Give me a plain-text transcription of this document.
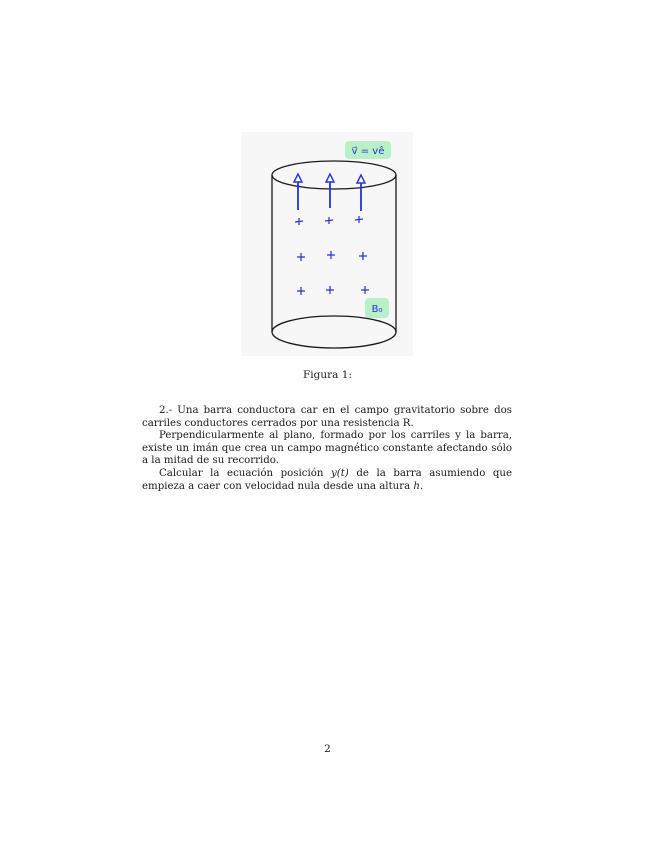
v⃗ = vê
B₀
Figura 1:

2.- Una barra conductora car en el campo gravitatorio sobre dos carriles conductores cerrados por una resistencia R.

Perpendicularmente al plano, formado por los carriles y la barra, existe un imán que crea un campo magnético constante afectando sólo a la mitad de su recorrido.

Calcular la ecuación posición y(t) de la barra asumiendo que empieza a caer con velocidad nula desde una altura h.

2
